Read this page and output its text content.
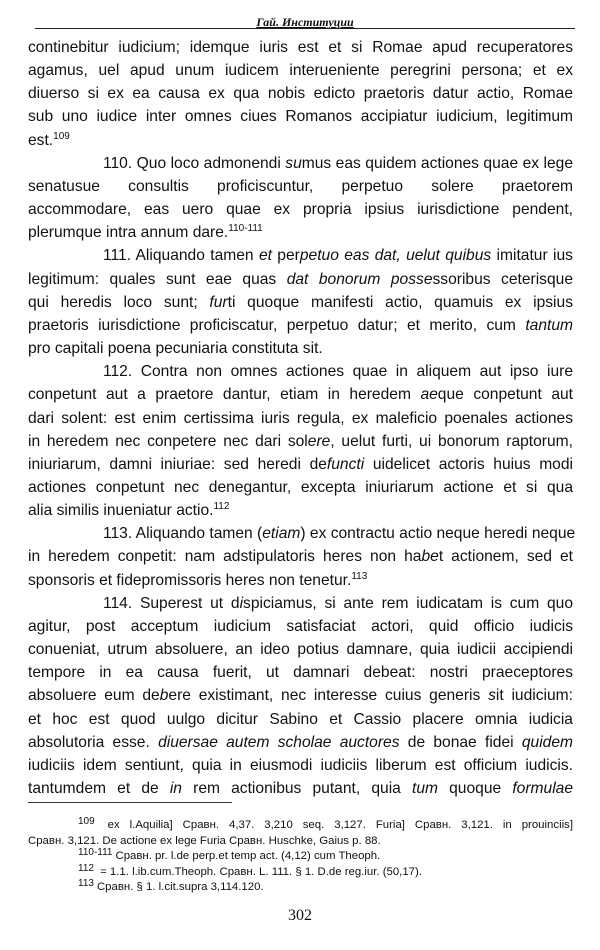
Гай. Институции
continebitur iudicium; idemque iuris est et si Romae apud recuperatores
agamus, uel apud unum iudicem interueniente peregrini persona; et ex
diuerso si ex ea causa ex qua nobis edicto praetoris datur actio, Romae
sub uno iudice inter omnes ciues Romanos accipiatur iudicium, legitimum
est.$^{109}$
110. Quo loco admonendi sumus eas quidem actiones quae ex lege
senatusue consultis proficiscuntur, perpetuo solere praetorem
accommodare, eas uero quae ex propria ipsius iurisdictione pendent,
plerumque intra annum dare.$^{110-111}$
111. Aliquando tamen et perpetuo eas dat, uelut quibus imitatur ius
legitimum: quales sunt eae quas dat bonorum possessoribus ceterisque
qui heredis loco sunt; furti quoque manifesti actio, quamuis ex ipsius
praetoris iurisdictione proficiscatur, perpetuo datur; et merito, cum tantum
pro capitali poena pecuniaria constituta sit.
112. Contra non omnes actiones quae in aliquem aut ipso iure
conpetunt aut a praetore dantur, etiam in heredem aeque conpetunt aut
dari solent: est enim certissima iuris regula, ex maleficio poenales actiones
in heredem nec conpetere nec dari solere, uelut furti, ui bonorum raptorum,
iniuriarum, damni iniuriae: sed heredi defuncti uidelicet actoris huius modi
actiones conpetunt nec denegantur, excepta iniuriarum actione et si qua
alia similis inueniatur actio.$^{112}$
113. Aliquando tamen (etiam) ex contractu actio neque heredi neque
in heredem conpetit: nam adstipulatoris heres non habet actionem, sed et
sponsoris et fidepromissoris heres non tenetur.$^{113}$
114. Superest ut dispiciamus, si ante rem iudicatam is cum quo
agitur, post acceptum iudicium satisfaciat actori, quid officio iudicis
conueniat, utrum absoluere, an ideo potius damnare, quia iudicii accipiendi
tempore in ea causa fuerit, ut damnari debeat: nostri praeceptores
absoluere eum debere existimant, nec interesse cuius generis sit iudicium:
et hoc est quod uulgo dicitur Sabino et Cassio placere omnia iudicia
absolutoria esse. diuersae autem scholae auctores de bonae fidei quidem
iudiciis idem sentiunt, quia in eiusmodi iudiciis liberum est officium iudicis.
tantumdem et de in rem actionibus putant, quia tum quoque formulae
$^{109}$ ex l.Aquilia] Сравн. 4,37. 3,210 seq. 3,127. Furia] Сравн. 3,121. in prouinciis]
Сравн. 3,121. De actione ex lege Furia Сравн. Huschke, Gaius p. 88.
$^{110-111}$ Сравн. pr. l.de perp.et temp act. (4,12) cum Theoph.
$^{112}$ = 1.1. l.ib.cum.Theoph. Сравн. L. 111. § 1. D.de reg.iur. (50,17).
$^{113}$ Сравн. § 1. l.cit.supra 3,114.120.
302
